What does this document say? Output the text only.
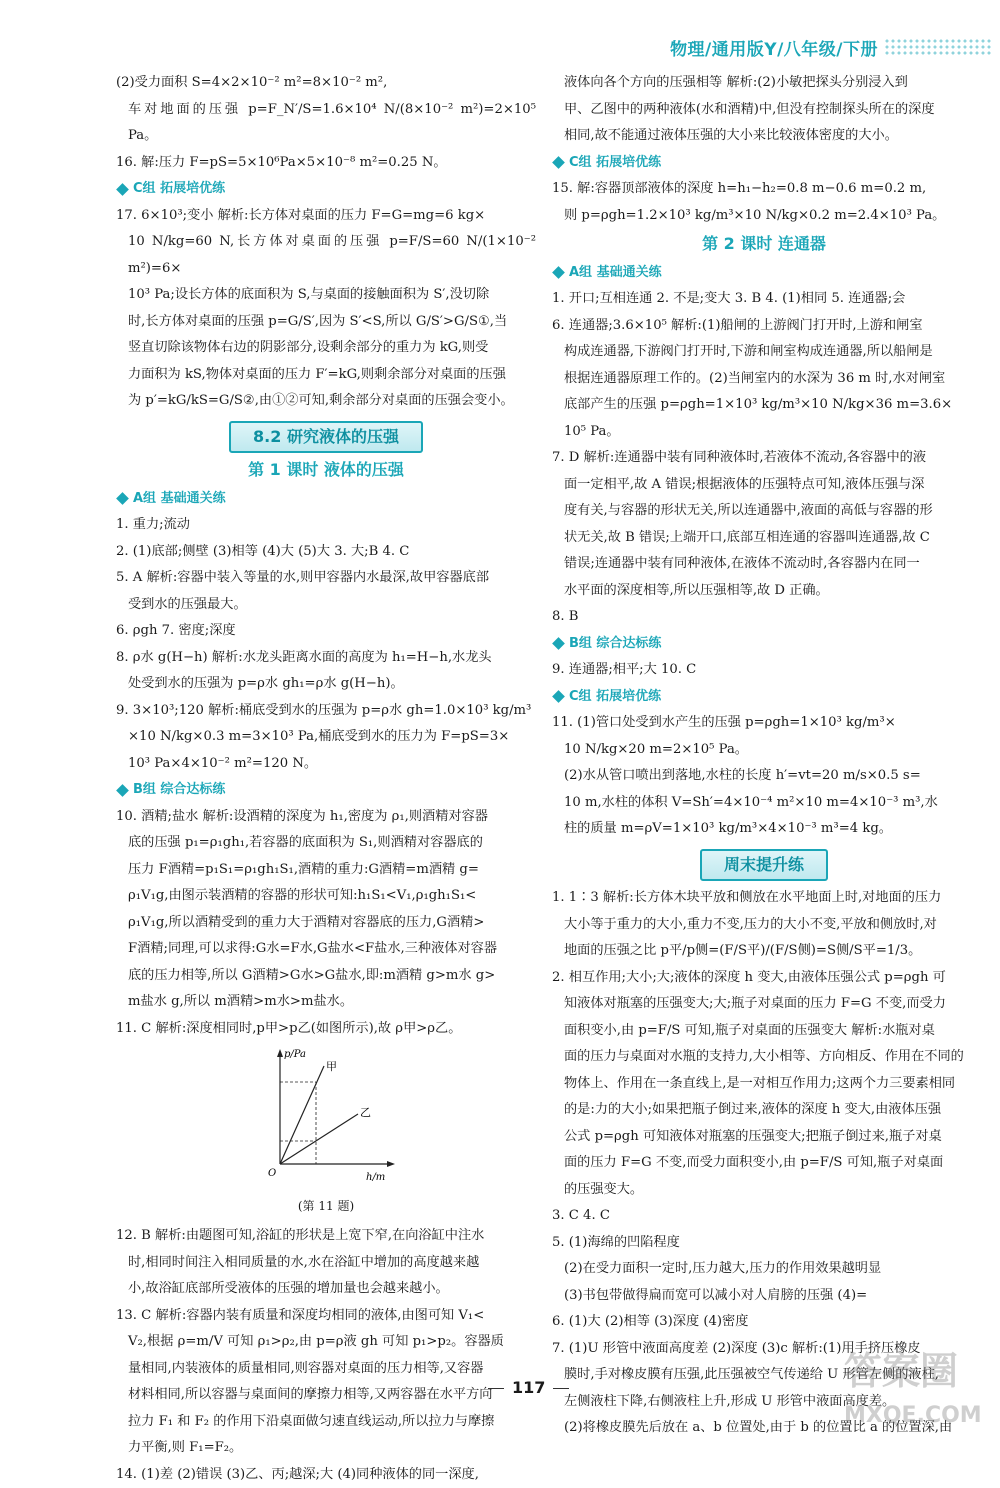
物理/通用版Y/八年级/下册

(2)受力面积 S=4×2×10⁻² m²=8×10⁻² m²,

车对地面的压强 p=F_N′/S=1.6×10⁴ N/(8×10⁻² m²)=2×10⁵ Pa。

16. 解:压力 F=pS=5×10⁶Pa×5×10⁻⁸ m²=0.25 N。

C组 拓展培优练

17. 6×10³;变小 解析:长方体对桌面的压力 F=G=mg=6 kg×

10 N/kg=60 N,长方体对桌面的压强 p=F/S=60 N/(1×10⁻² m²)=6×

10³ Pa;设长方体的底面积为 S,与桌面的接触面积为 S′,没切除

时,长方体对桌面的压强 p=G/S′,因为 S′<S,所以 G/S′>G/S①,当

竖直切除该物体右边的阴影部分,设剩余部分的重力为 kG,则受

力面积为 kS,物体对桌面的压力 F′=kG,则剩余部分对桌面的压强

为 p′=kG/kS=G/S②,由①②可知,剩余部分对桌面的压强会变小。

8.2 研究液体的压强

第 1 课时 液体的压强

A组 基础通关练

1. 重力;流动

2. (1)底部;侧壁 (3)相等 (4)大 (5)大 3. 大;B 4. C

5. A 解析:容器中装入等量的水,则甲容器内水最深,故甲容器底部

受到水的压强最大。

6. ρgh 7. 密度;深度

8. ρ水 g(H−h) 解析:水龙头距离水面的高度为 h₁=H−h,水龙头

处受到水的压强为 p=ρ水 gh₁=ρ水 g(H−h)。

9. 3×10³;120 解析:桶底受到水的压强为 p=ρ水 gh=1.0×10³ kg/m³

×10 N/kg×0.3 m=3×10³ Pa,桶底受到水的压力为 F=pS=3×

10³ Pa×4×10⁻² m²=120 N。

B组 综合达标练

10. 酒精;盐水 解析:设酒精的深度为 h₁,密度为 ρ₁,则酒精对容器

底的压强 p₁=ρ₁gh₁,若容器的底面积为 S₁,则酒精对容器底的

压力 F酒精=p₁S₁=ρ₁gh₁S₁,酒精的重力:G酒精=m酒精 g=

ρ₁V₁g,由图示装酒精的容器的形状可知:h₁S₁<V₁,ρ₁gh₁S₁<

ρ₁V₁g,所以酒精受到的重力大于酒精对容器底的压力,G酒精>

F酒精;同理,可以求得:G水=F水,G盐水<F盐水,三种液体对容器

底的压力相等,所以 G酒精>G水>G盐水,即:m酒精 g>m水 g>

m盐水 g,所以 m酒精>m水>m盐水。

11. C 解析:深度相同时,p甲>p乙(如图所示),故 ρ甲>ρ乙。

p/Pa
h/m
O
甲
乙

(第 11 题)

12. B 解析:由题图可知,浴缸的形状是上宽下窄,在向浴缸中注水

时,相同时间注入相同质量的水,水在浴缸中增加的高度越来越

小,故浴缸底部所受液体的压强的增加量也会越来越小。

13. C 解析:容器内装有质量和深度均相同的液体,由图可知 V₁<

V₂,根据 ρ=m/V 可知 ρ₁>ρ₂,由 p=ρ液 gh 可知 p₁>p₂。容器质

量相同,内装液体的质量相同,则容器对桌面的压力相等,又容器

材料相同,所以容器与桌面间的摩擦力相等,又两容器在水平方向

拉力 F₁ 和 F₂ 的作用下沿桌面做匀速直线运动,所以拉力与摩擦

力平衡,则 F₁=F₂。

14. (1)差 (2)错误 (3)乙、丙;越深;大 (4)同种液体的同一深度,

液体向各个方向的压强相等 解析:(2)小敏把探头分别浸入到

甲、乙图中的两种液体(水和酒精)中,但没有控制探头所在的深度

相同,故不能通过液体压强的大小来比较液体密度的大小。

C组 拓展培优练

15. 解:容器顶部液体的深度 h=h₁−h₂=0.8 m−0.6 m=0.2 m,

则 p=ρgh=1.2×10³ kg/m³×10 N/kg×0.2 m=2.4×10³ Pa。

第 2 课时 连通器

A组 基础通关练

1. 开口;互相连通 2. 不是;变大 3. B 4. (1)相同 5. 连通器;会

6. 连通器;3.6×10⁵ 解析:(1)船闸的上游阀门打开时,上游和闸室

构成连通器,下游阀门打开时,下游和闸室构成连通器,所以船闸是

根据连通器原理工作的。(2)当闸室内的水深为 36 m 时,水对闸室

底部产生的压强 p=ρgh=1×10³ kg/m³×10 N/kg×36 m=3.6×

10⁵ Pa。

7. D 解析:连通器中装有同种液体时,若液体不流动,各容器中的液

面一定相平,故 A 错误;根据液体的压强特点可知,液体压强与深

度有关,与容器的形状无关,所以连通器中,液面的高低与容器的形

状无关,故 B 错误;上端开口,底部互相连通的容器叫连通器,故 C

错误;连通器中装有同种液体,在液体不流动时,各容器内在同一

水平面的深度相等,所以压强相等,故 D 正确。

8. B

B组 综合达标练

9. 连通器;相平;大 10. C

C组 拓展培优练

11. (1)管口处受到水产生的压强 p=ρgh=1×10³ kg/m³×

10 N/kg×20 m=2×10⁵ Pa。

(2)水从管口喷出到落地,水柱的长度 h′=vt=20 m/s×0.5 s=

10 m,水柱的体积 V=Sh′=4×10⁻⁴ m²×10 m=4×10⁻³ m³,水

柱的质量 m=ρV=1×10³ kg/m³×4×10⁻³ m³=4 kg。

周末提升练

1. 1∶3 解析:长方体木块平放和侧放在水平地面上时,对地面的压力

大小等于重力的大小,重力不变,压力的大小不变,平放和侧放时,对

地面的压强之比 p平/p侧=(F/S平)/(F/S侧)=S侧/S平=1/3。

2. 相互作用;大小;大;液体的深度 h 变大,由液体压强公式 p=ρgh 可

知液体对瓶塞的压强变大;大;瓶子对桌面的压力 F=G 不变,而受力

面积变小,由 p=F/S 可知,瓶子对桌面的压强变大 解析:水瓶对桌

面的压力与桌面对水瓶的支持力,大小相等、方向相反、作用在不同的

物体上、作用在一条直线上,是一对相互作用力;这两个力三要素相同

的是:力的大小;如果把瓶子倒过来,液体的深度 h 变大,由液体压强

公式 p=ρgh 可知液体对瓶塞的压强变大;把瓶子倒过来,瓶子对桌

面的压力 F=G 不变,而受力面积变小,由 p=F/S 可知,瓶子对桌面

的压强变大。

3. C 4. C

5. (1)海绵的凹陷程度

(2)在受力面积一定时,压力越大,压力的作用效果越明显

(3)书包带做得扁而宽可以减小对人肩膀的压强 (4)=

6. (1)大 (2)相等 (3)深度 (4)密度

7. (1)U 形管中液面高度差 (2)深度 (3)c 解析:(1)用手挤压橡皮

膜时,手对橡皮膜有压强,此压强被空气传递给 U 形管左侧的液柱,

左侧液柱下降,右侧液柱上升,形成 U 形管中液面高度差。

(2)将橡皮膜先后放在 a、b 位置处,由于 b 的位置比 a 的位置深,由

117	答案圈
MXQE.COM
